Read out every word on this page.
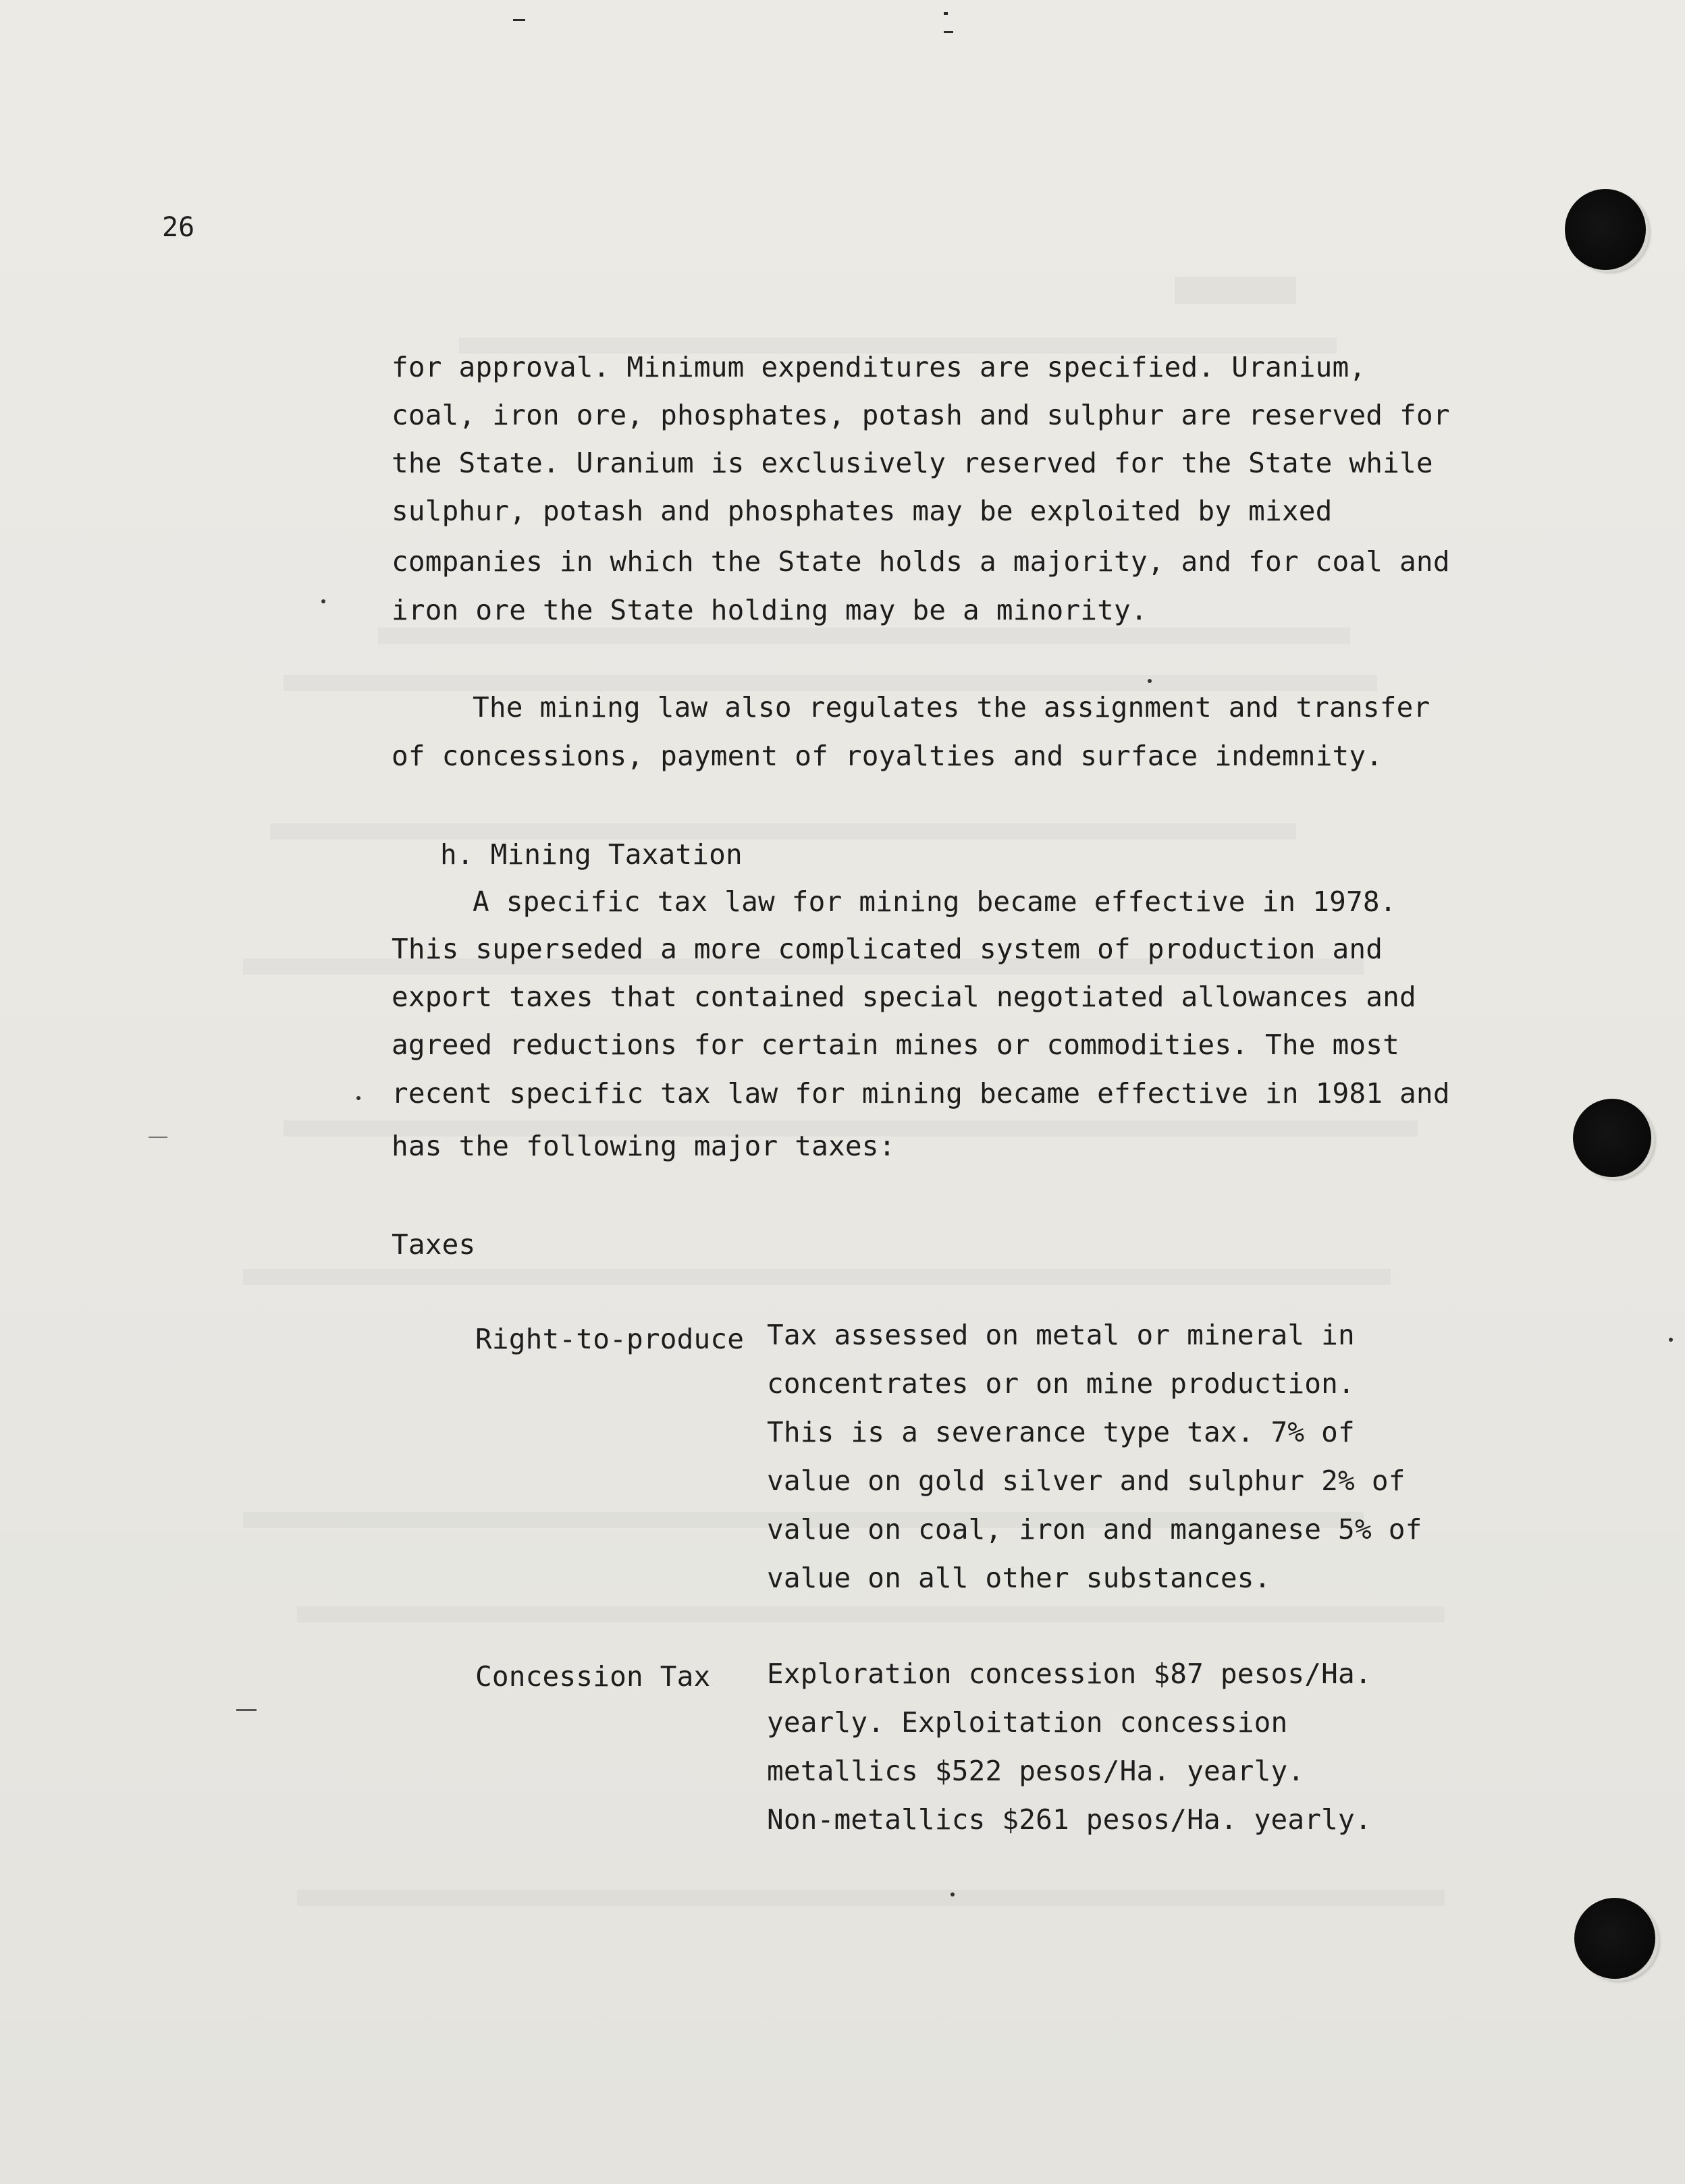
26
for approval. Minimum expenditures are specified. Uranium,
coal, iron ore, phosphates, potash and sulphur are reserved for
the State. Uranium is exclusively reserved for the State while
sulphur, potash and phosphates may be exploited by mixed
companies in which the State holds a majority, and for coal and
iron ore the State holding may be a minority.
The mining law also regulates the assignment and transfer
of concessions, payment of royalties and surface indemnity.
h. Mining Taxation
A specific tax law for mining became effective in 1978.
This superseded a more complicated system of production and
export taxes that contained special negotiated allowances and
agreed reductions for certain mines or commodities. The most
recent specific tax law for mining became effective in 1981 and
has the following major taxes:
Taxes
Right-to-produce Tax assessed on metal or mineral in
concentrates or on mine production.
This is a severance type tax. 7% of
value on gold silver and sulphur 2% of
value on coal, iron and manganese 5% of
value on all other substances.
Concession Tax Exploration concession $87 pesos/Ha.
yearly. Exploitation concession
metallics $522 pesos/Ha. yearly.
Non-metallics $261 pesos/Ha. yearly.
